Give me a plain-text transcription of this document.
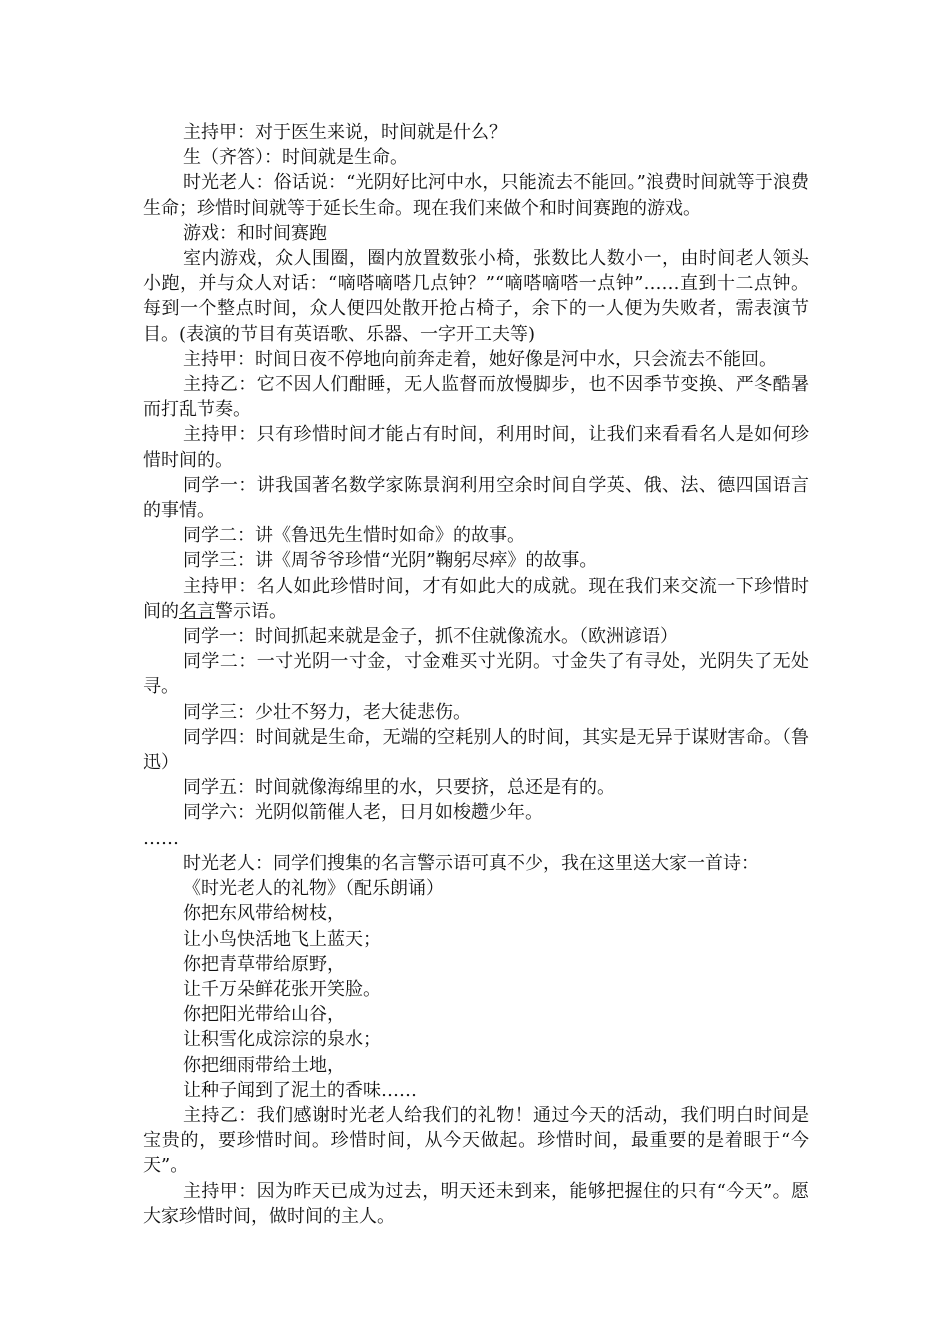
主持甲：对于医生来说，时间就是什么？

生（齐答）：时间就是生命。

时光老人：俗话说：“光阴好比河中水，只能流去不能回。”浪费时间就等于浪费生命；珍惜时间就等于延长生命。现在我们来做个和时间赛跑的游戏。

游戏：和时间赛跑

室内游戏，众人围圈，圈内放置数张小椅，张数比人数小一，由时间老人领头小跑，并与众人对话：“嘀嗒嘀嗒几点钟？”“嘀嗒嘀嗒一点钟”……直到十二点钟。每到一个整点时间，众人便四处散开抢占椅子，余下的一人便为失败者，需表演节目。(表演的节目有英语歌、乐器、一字开工夫等)

主持甲：时间日夜不停地向前奔走着，她好像是河中水，只会流去不能回。

主持乙：它不因人们酣睡，无人监督而放慢脚步，也不因季节变换、严冬酷暑而打乱节奏。

主持甲：只有珍惜时间才能占有时间，利用时间，让我们来看看名人是如何珍惜时间的。

同学一：讲我国著名数学家陈景润利用空余时间自学英、俄、法、德四国语言的事情。

同学二：讲《鲁迅先生惜时如命》的故事。

同学三：讲《周爷爷珍惜“光阴”鞠躬尽瘁》的故事。

主持甲：名人如此珍惜时间，才有如此大的成就。现在我们来交流一下珍惜时间的名言警示语。

同学一：时间抓起来就是金子，抓不住就像流水。（欧洲谚语）

同学二：一寸光阴一寸金，寸金难买寸光阴。寸金失了有寻处，光阴失了无处寻。

同学三：少壮不努力，老大徒悲伤。

同学四：时间就是生命，无端的空耗别人的时间，其实是无异于谋财害命。（鲁迅）

同学五：时间就像海绵里的水，只要挤，总还是有的。

同学六：光阴似箭催人老，日月如梭趱少年。

……

时光老人：同学们搜集的名言警示语可真不少，我在这里送大家一首诗：

《时光老人的礼物》（配乐朗诵）

你把东风带给树枝，

让小鸟快活地飞上蓝天；

你把青草带给原野，

让千万朵鲜花张开笑脸。

你把阳光带给山谷，

让积雪化成淙淙的泉水；

你把细雨带给土地，

让种子闻到了泥土的香味……

主持乙：我们感谢时光老人给我们的礼物！通过今天的活动，我们明白时间是宝贵的，要珍惜时间。珍惜时间，从今天做起。珍惜时间，最重要的是着眼于“今天”。

主持甲：因为昨天已成为过去，明天还未到来，能够把握住的只有“今天”。愿大家珍惜时间，做时间的主人。
